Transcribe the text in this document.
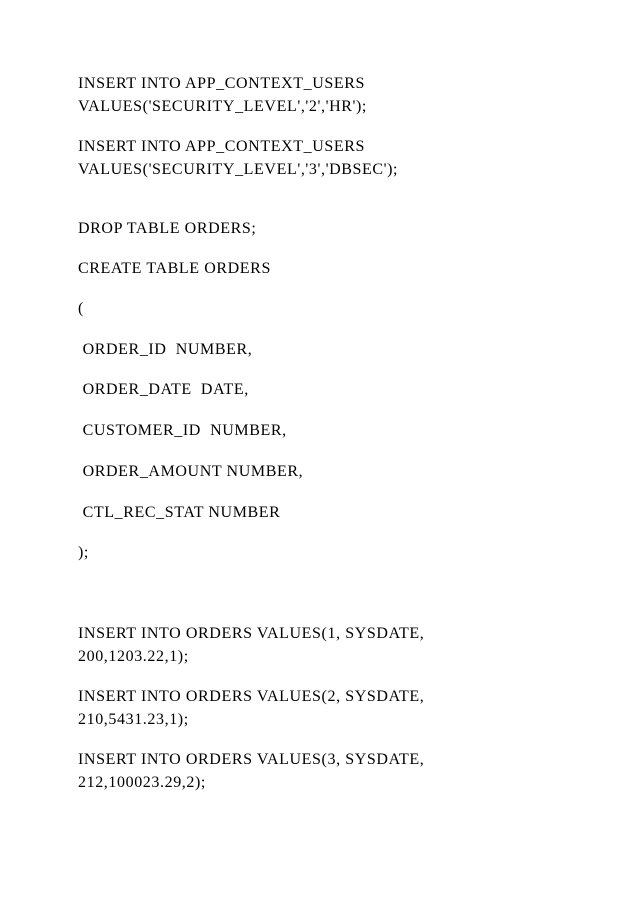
INSERT INTO APP_CONTEXT_USERS

VALUES('SECURITY_LEVEL','2','HR');

INSERT INTO APP_CONTEXT_USERS

VALUES('SECURITY_LEVEL','3','DBSEC');

DROP TABLE ORDERS;

CREATE TABLE ORDERS

(

ORDER_ID  NUMBER,

ORDER_DATE  DATE,

CUSTOMER_ID  NUMBER,

ORDER_AMOUNT NUMBER,

CTL_REC_STAT NUMBER

);

INSERT INTO ORDERS VALUES(1, SYSDATE,

200,1203.22,1);

INSERT INTO ORDERS VALUES(2, SYSDATE,

210,5431.23,1);

INSERT INTO ORDERS VALUES(3, SYSDATE,

212,100023.29,2);
